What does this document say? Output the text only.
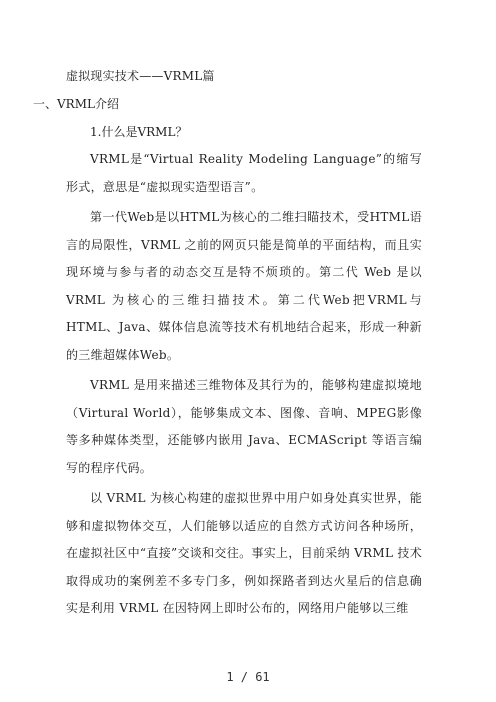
虚拟现实技术——VRML篇
一、VRML介绍
1.什么是VRML？

VRML是“Virtual Reality Modeling Language”的缩写形式，意思是“虚拟现实造型语言”。

第一代Web是以HTML为核心的二维扫瞄技术，受HTML语言的局限性，VRML 之前的网页只能是简单的平面结构，而且实现环境与参与者的动态交互是特不烦琐的。第二代 Web 是以 VRML 为核心的三维扫描技术。第二代Web把VRML与HTML、Java、媒体信息流等技术有机地结合起来，形成一种新的三维超媒体Web。

VRML 是用来描述三维物体及其行为的，能够构建虚拟境地（Virtural World），能够集成文本、图像、音响、MPEG影像等多种媒体类型，还能够内嵌用 Java、ECMAScript 等语言编写的程序代码。

以 VRML 为核心构建的虚拟世界中用户如身处真实世界，能够和虚拟物体交互，人们能够以适应的自然方式访问各种场所，在虚拟社区中“直接”交谈和交往。事实上，目前采纳 VRML 技术取得成功的案例差不多专门多，例如探路者到达火星后的信息确实是利用 VRML 在因特网上即时公布的，网络用户能够以三维

1 / 61
